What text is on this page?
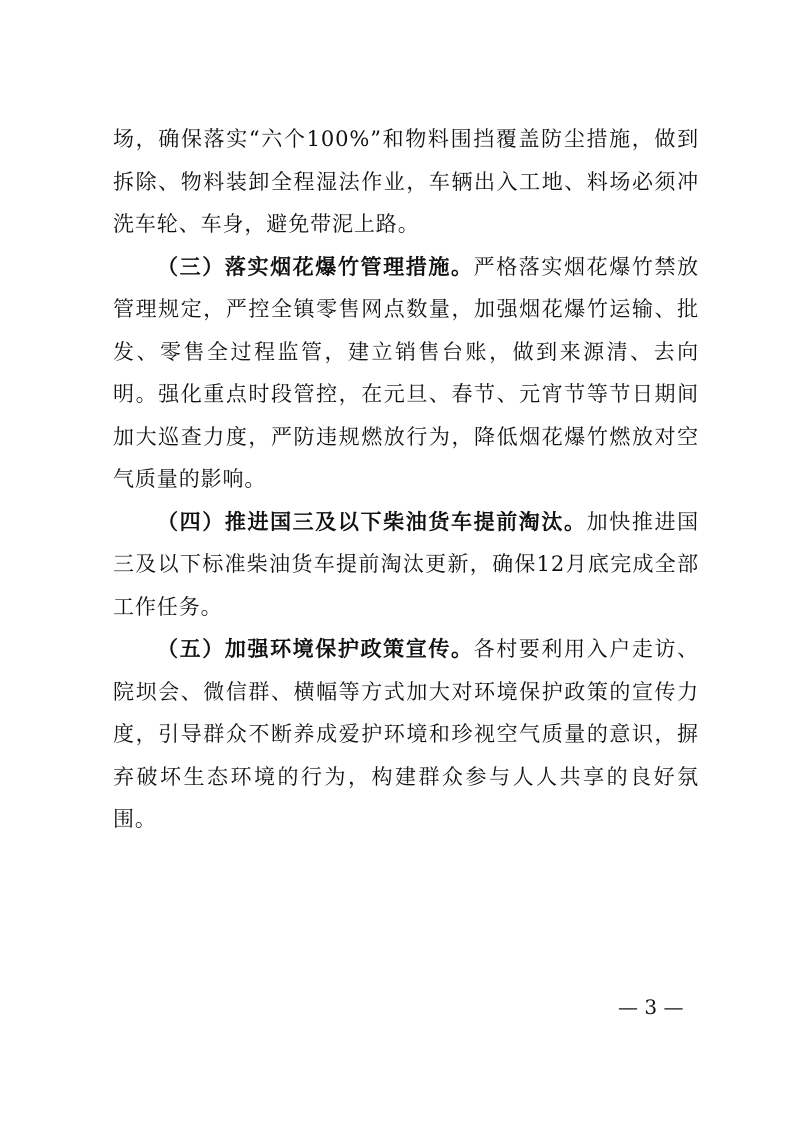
场，确保落实“六个100%”和物料围挡覆盖防尘措施，做到拆除、物料装卸全程湿法作业，车辆出入工地、料场必须冲洗车轮、车身，避免带泥上路。

（三）落实烟花爆竹管理措施。严格落实烟花爆竹禁放管理规定，严控全镇零售网点数量，加强烟花爆竹运输、批发、零售全过程监管，建立销售台账，做到来源清、去向明。强化重点时段管控，在元旦、春节、元宵节等节日期间加大巡查力度，严防违规燃放行为，降低烟花爆竹燃放对空气质量的影响。

（四）推进国三及以下柴油货车提前淘汰。加快推进国三及以下标准柴油货车提前淘汰更新，确保12月底完成全部工作任务。

（五）加强环境保护政策宣传。各村要利用入户走访、院坝会、微信群、横幅等方式加大对环境保护政策的宣传力度，引导群众不断养成爱护环境和珍视空气质量的意识，摒弃破坏生态环境的行为，构建群众参与人人共享的良好氛围。

— 3 —
